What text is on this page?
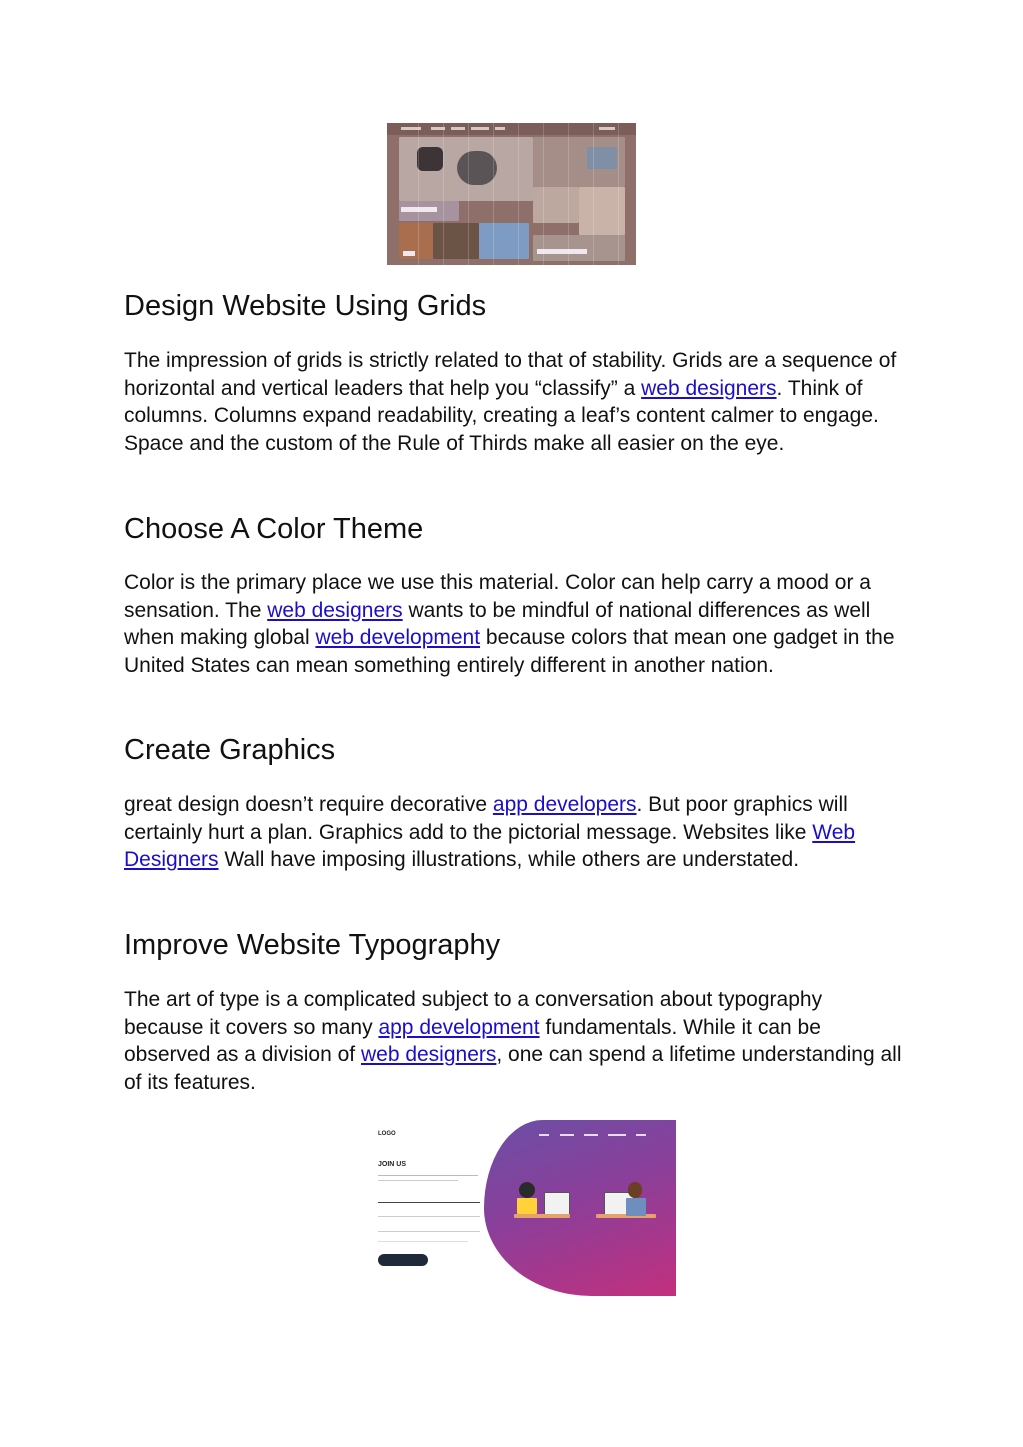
Design Website Using Grids

The impression of grids is strictly related to that of stability. Grids are a sequence of horizontal and vertical leaders that help you “classify” a web designers. Think of columns. Columns expand readability, creating a leaf’s content calmer to engage. Space and the custom of the Rule of Thirds make all easier on the eye.

Choose A Color Theme

Color is the primary place we use this material. Color can help carry a mood or a sensation. The web designers wants to be mindful of national differences as well when making global web development because colors that mean one gadget in the United States can mean something entirely different in another nation.

Create Graphics

great design doesn’t require decorative app developers. But poor graphics will certainly hurt a plan. Graphics add to the pictorial message. Websites like Web Designers Wall have imposing illustrations, while others are understated.

Improve Website Typography

The art of type is a complicated subject to a conversation about typography because it covers so many app development fundamentals. While it can be observed as a division of web designers, one can spend a lifetime understanding all of its features.

LOGO
JOIN US
